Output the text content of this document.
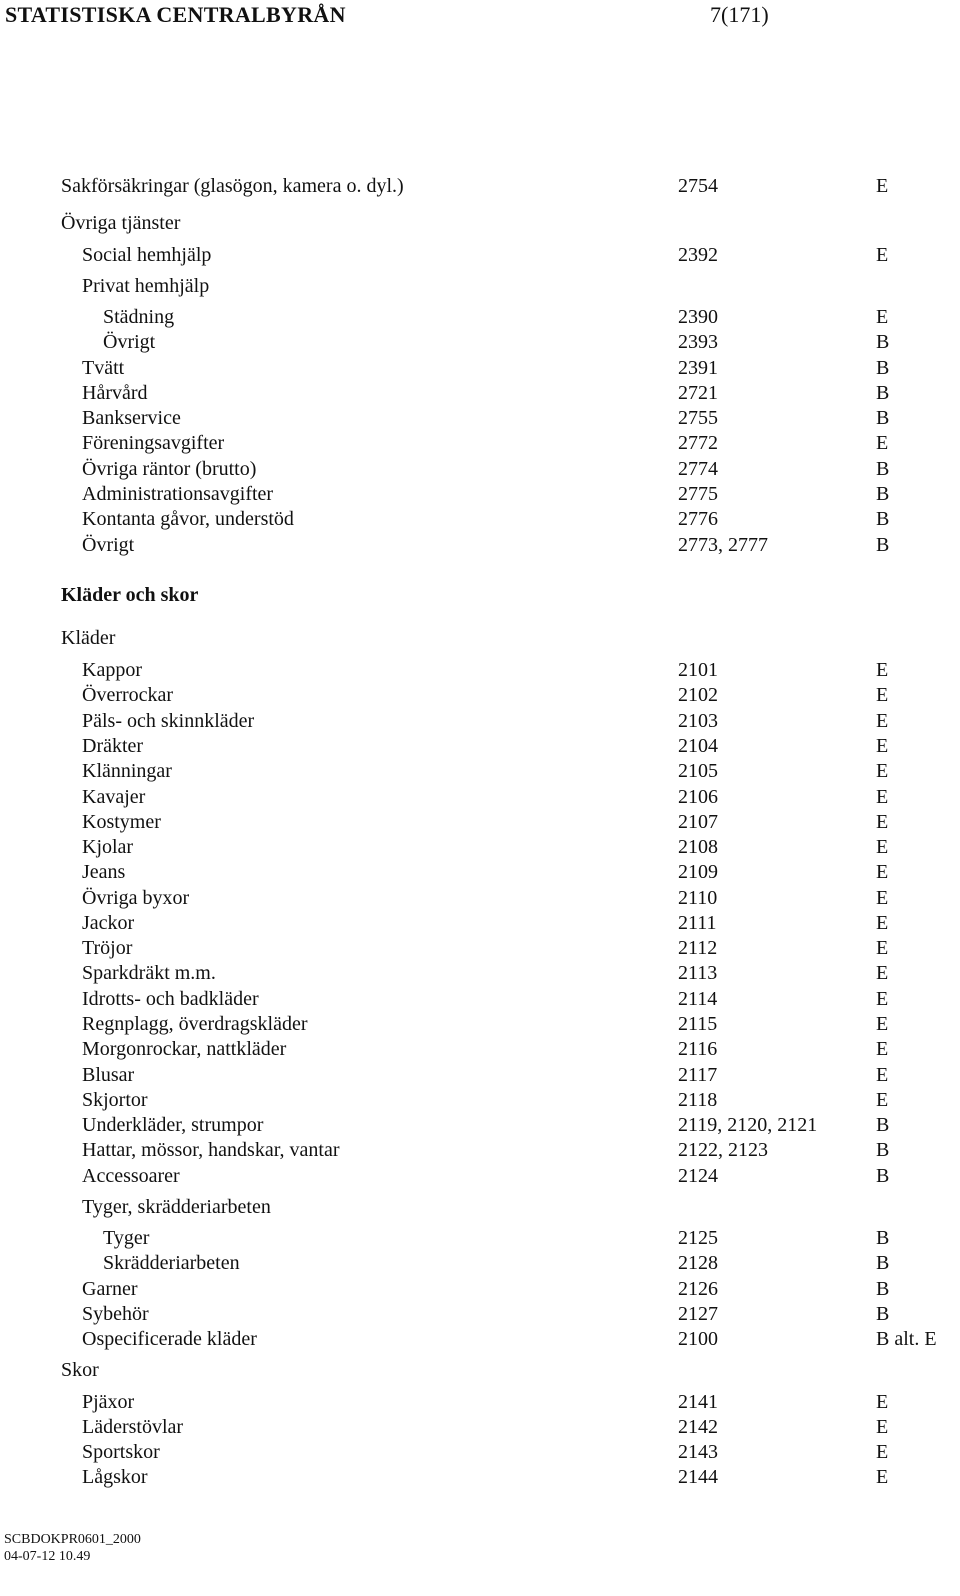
STATISTISKA CENTRALBYRÅN	7(171)
Sakförsäkringar (glasögon, kamera o. dyl.)	2754	E
Övriga tjänster
Social hemhjälp	2392	E
Privat hemhjälp
Städning	2390	E
Övrigt	2393	B
Tvätt	2391	B
Hårvård	2721	B
Bankservice	2755	B
Föreningsavgifter	2772	E
Övriga räntor (brutto)	2774	B
Administrationsavgifter	2775	B
Kontanta gåvor, understöd	2776	B
Övrigt	2773, 2777	B
Kläder och skor
Kläder
Kappor	2101	E
Överrockar	2102	E
Päls- och skinnkläder	2103	E
Dräkter	2104	E
Klänningar	2105	E
Kavajer	2106	E
Kostymer	2107	E
Kjolar	2108	E
Jeans	2109	E
Övriga byxor	2110	E
Jackor	2111	E
Tröjor	2112	E
Sparkdräkt m.m.	2113	E
Idrotts- och badkläder	2114	E
Regnplagg, överdragskläder	2115	E
Morgonrockar, nattkläder	2116	E
Blusar	2117	E
Skjortor	2118	E
Underkläder, strumpor	2119, 2120, 2121	B
Hattar, mössor, handskar, vantar	2122, 2123	B
Accessoarer	2124	B
Tyger, skrädderiarbeten
Tyger	2125	B
Skrädderiarbeten	2128	B
Garner	2126	B
Sybehör	2127	B
Ospecificerade kläder	2100	B alt. E
Skor
Pjäxor	2141	E
Läderstövlar	2142	E
Sportskor	2143	E
Lågskor	2144	E
SCBDOKPR0601_2000
04-07-12 10.49
